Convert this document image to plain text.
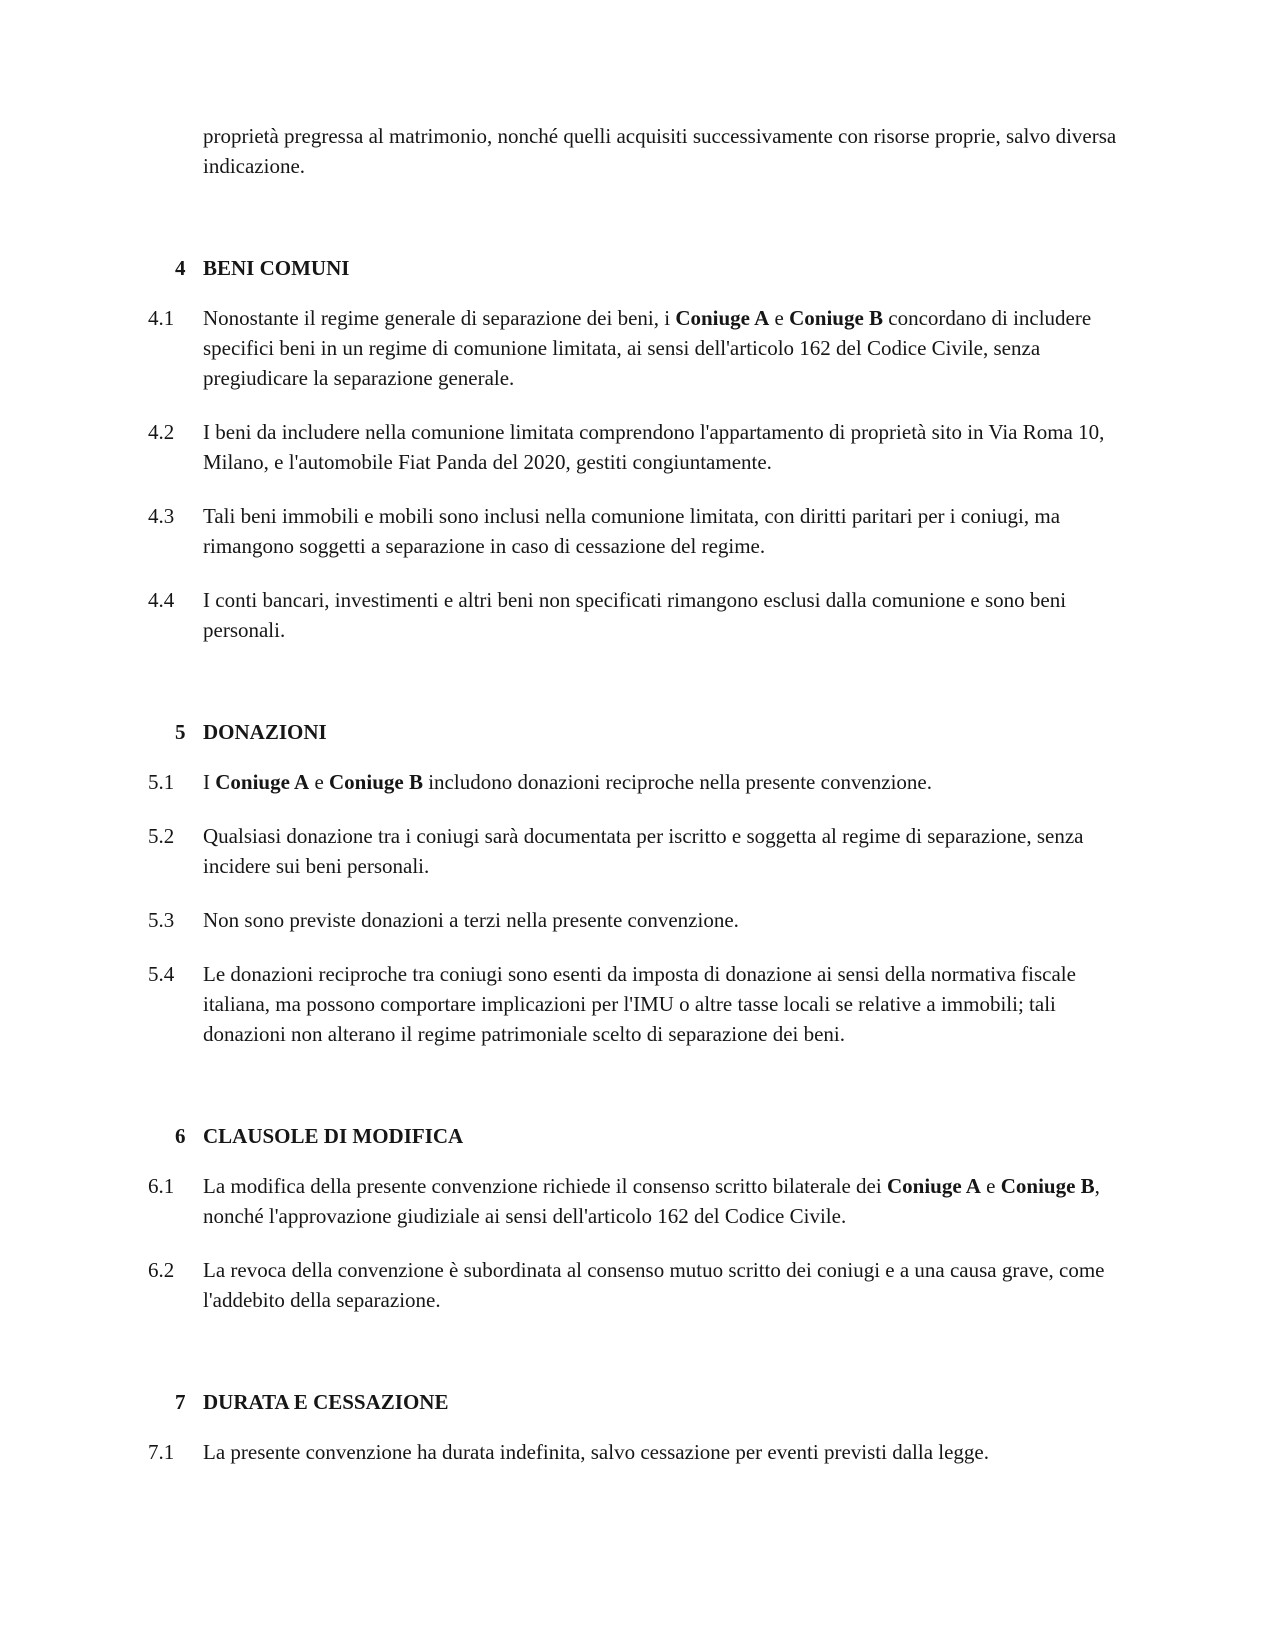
proprietà pregressa al matrimonio, nonché quelli acquisiti successivamente con risorse proprie, salvo diversa indicazione.

4 BENI COMUNI
4.1	Nonostante il regime generale di separazione dei beni, i Coniuge A e Coniuge B concordano di includere specifici beni in un regime di comunione limitata, ai sensi dell'articolo 162 del Codice Civile, senza pregiudicare la separazione generale.

4.2	I beni da includere nella comunione limitata comprendono l'appartamento di proprietà sito in Via Roma 10, Milano, e l'automobile Fiat Panda del 2020, gestiti congiuntamente.

4.3	Tali beni immobili e mobili sono inclusi nella comunione limitata, con diritti paritari per i coniugi, ma rimangono soggetti a separazione in caso di cessazione del regime.

4.4	I conti bancari, investimenti e altri beni non specificati rimangono esclusi dalla comunione e sono beni personali.

5 DONAZIONI
5.1	I Coniuge A e Coniuge B includono donazioni reciproche nella presente convenzione.

5.2	Qualsiasi donazione tra i coniugi sarà documentata per iscritto e soggetta al regime di separazione, senza incidere sui beni personali.

5.3	Non sono previste donazioni a terzi nella presente convenzione.

5.4	Le donazioni reciproche tra coniugi sono esenti da imposta di donazione ai sensi della normativa fiscale italiana, ma possono comportare implicazioni per l'IMU o altre tasse locali se relative a immobili; tali donazioni non alterano il regime patrimoniale scelto di separazione dei beni.

6 CLAUSOLE DI MODIFICA
6.1	La modifica della presente convenzione richiede il consenso scritto bilaterale dei Coniuge A e Coniuge B, nonché l'approvazione giudiziale ai sensi dell'articolo 162 del Codice Civile.

6.2	La revoca della convenzione è subordinata al consenso mutuo scritto dei coniugi e a una causa grave, come l'addebito della separazione.

7 DURATA E CESSAZIONE
7.1	La presente convenzione ha durata indefinita, salvo cessazione per eventi previsti dalla legge.
